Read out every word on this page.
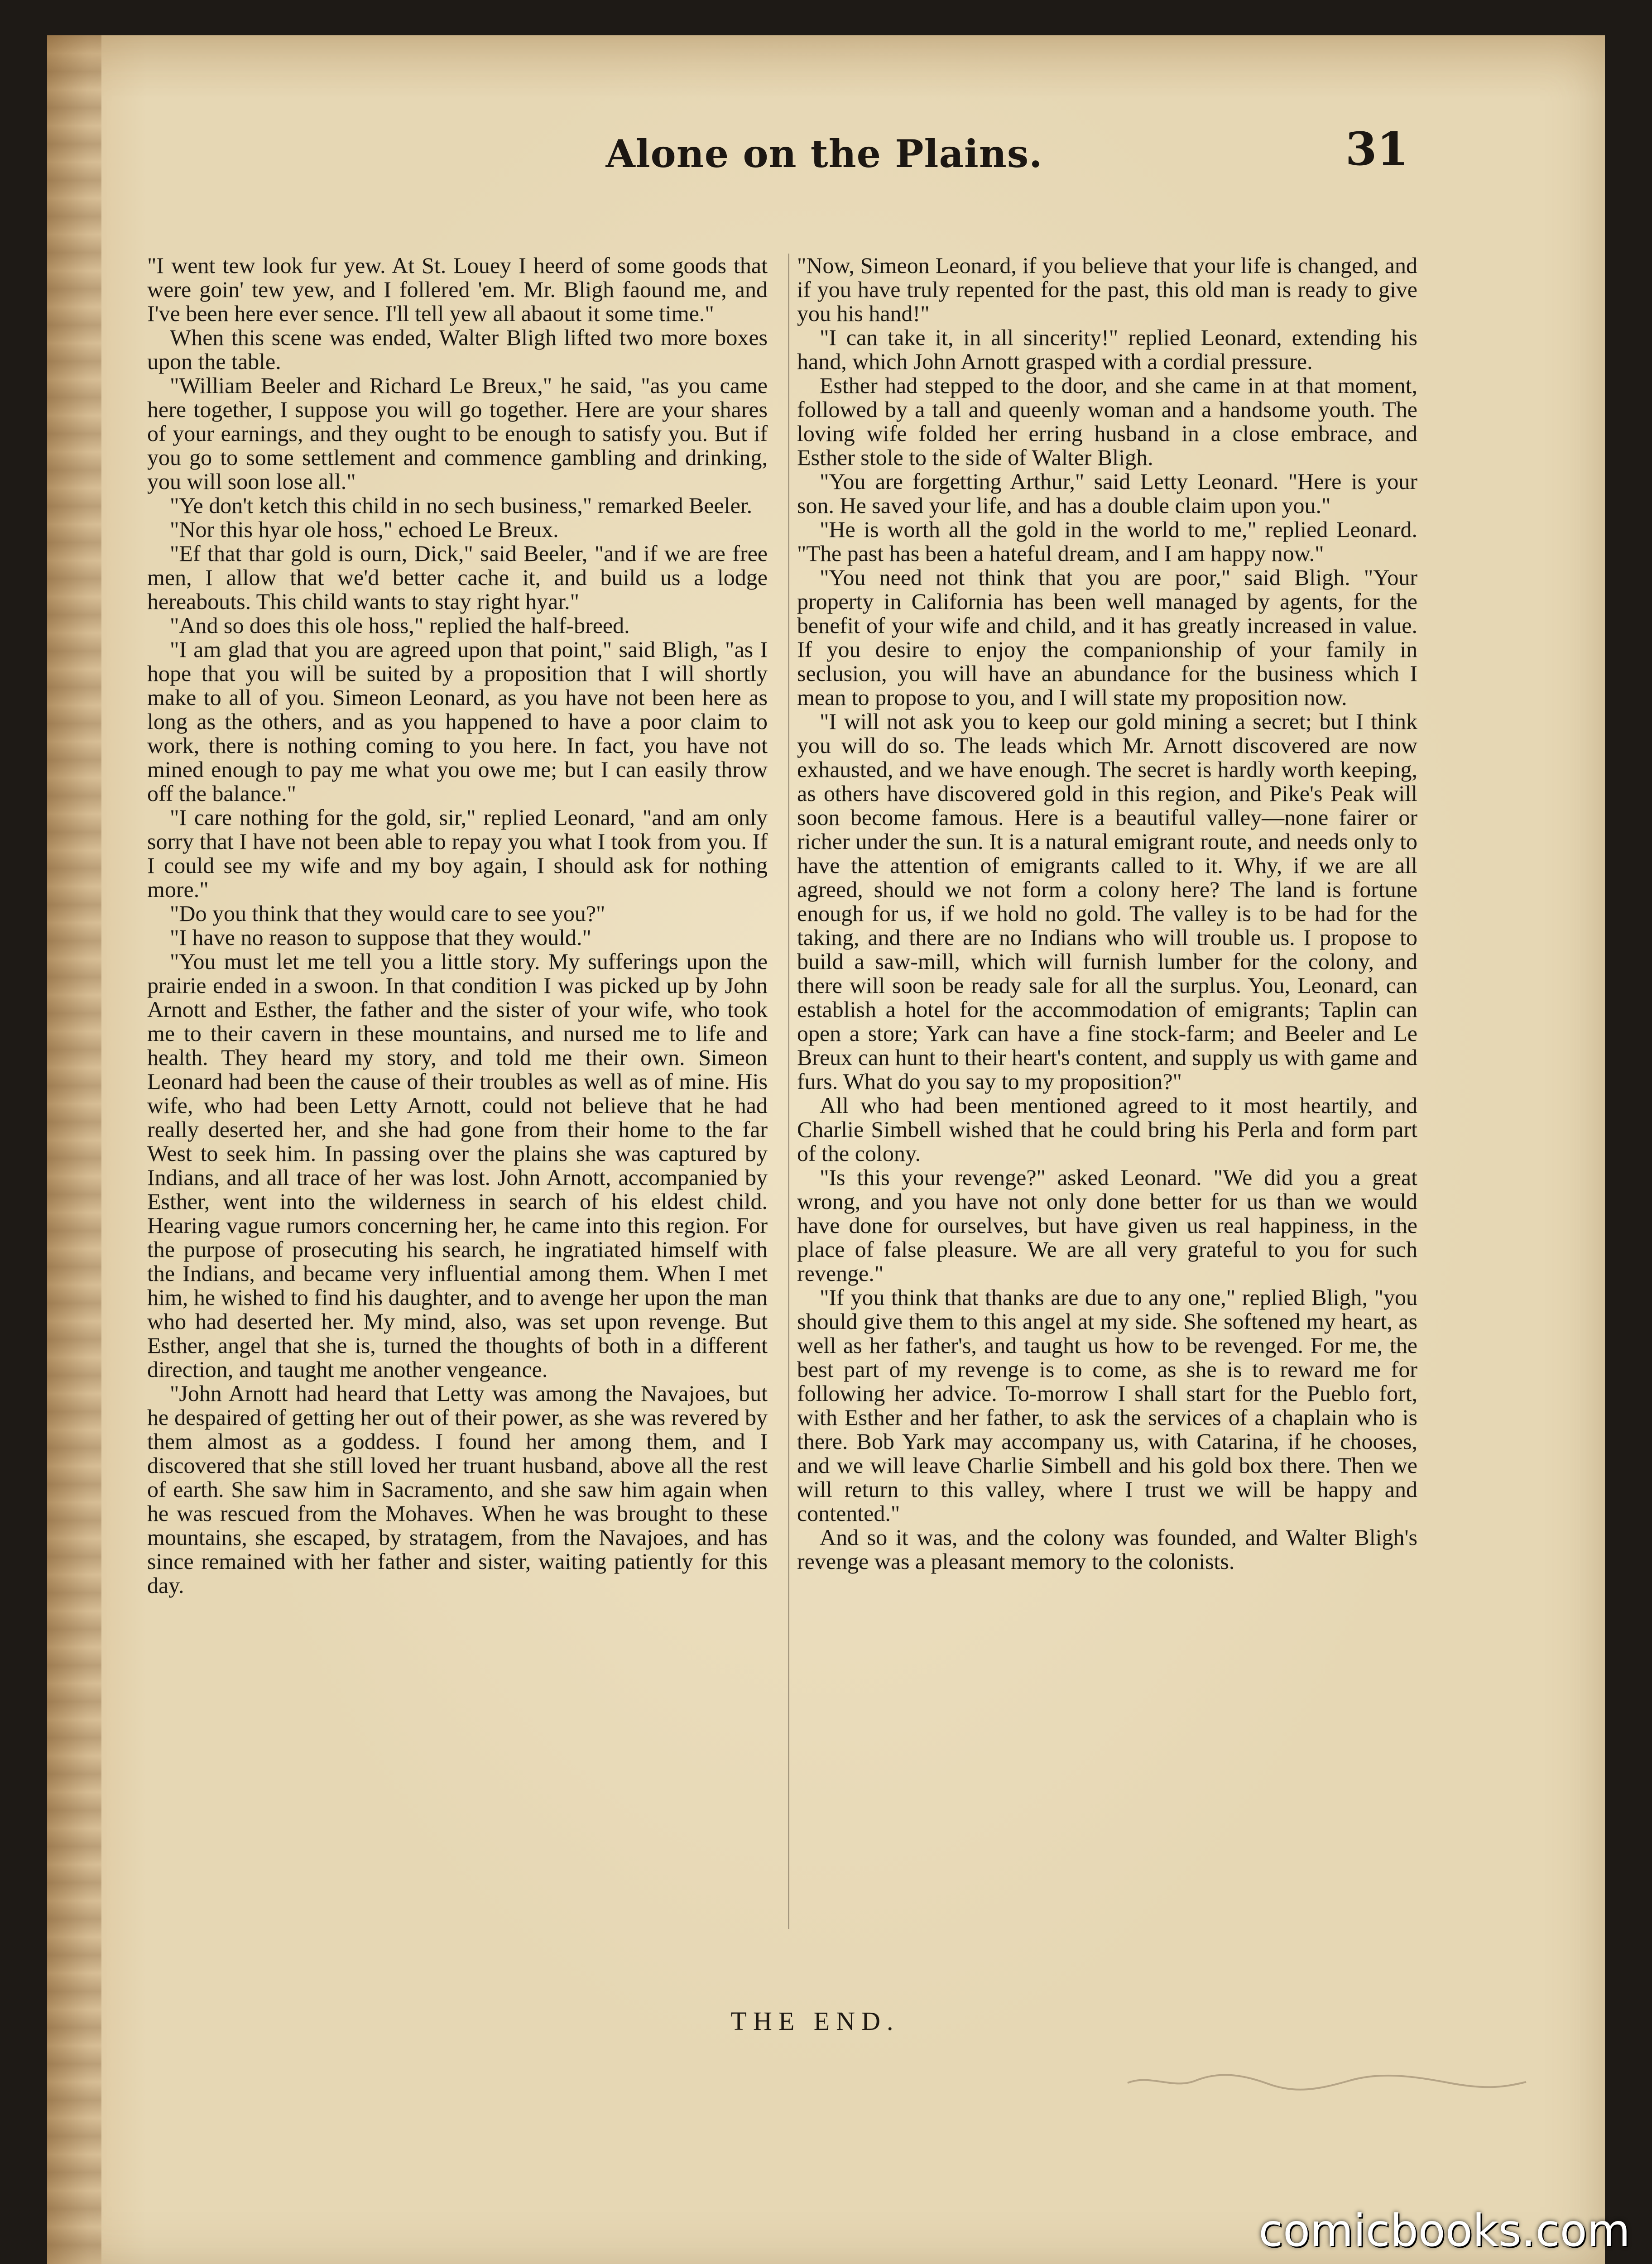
Alone on the Plains.	31

"I went tew look fur yew. At St. Louey I heerd of some goods that were goin' tew yew, and I follered 'em. Mr. Bligh faound me, and I've been here ever sence. I'll tell yew all abaout it some time."

When this scene was ended, Walter Bligh lifted two more boxes upon the table.

"William Beeler and Richard Le Breux," he said, "as you came here together, I suppose you will go together. Here are your shares of your earnings, and they ought to be enough to satisfy you. But if you go to some settlement and commence gambling and drinking, you will soon lose all."

"Ye don't ketch this child in no sech business," remarked Beeler.

"Nor this hyar ole hoss," echoed Le Breux.

"Ef that thar gold is ourn, Dick," said Beeler, "and if we are free men, I allow that we'd better cache it, and build us a lodge hereabouts. This child wants to stay right hyar."

"And so does this ole hoss," replied the half-breed.

"I am glad that you are agreed upon that point," said Bligh, "as I hope that you will be suited by a proposition that I will shortly make to all of you. Simeon Leonard, as you have not been here as long as the others, and as you happened to have a poor claim to work, there is nothing coming to you here. In fact, you have not mined enough to pay me what you owe me; but I can easily throw off the balance."

"I care nothing for the gold, sir," replied Leonard, "and am only sorry that I have not been able to repay you what I took from you. If I could see my wife and my boy again, I should ask for nothing more."

"Do you think that they would care to see you?"

"I have no reason to suppose that they would."

"You must let me tell you a little story. My sufferings upon the prairie ended in a swoon. In that condition I was picked up by John Arnott and Esther, the father and the sister of your wife, who took me to their cavern in these mountains, and nursed me to life and health. They heard my story, and told me their own. Simeon Leonard had been the cause of their troubles as well as of mine. His wife, who had been Letty Arnott, could not believe that he had really deserted her, and she had gone from their home to the far West to seek him. In passing over the plains she was captured by Indians, and all trace of her was lost. John Arnott, accompanied by Esther, went into the wilderness in search of his eldest child. Hearing vague rumors concerning her, he came into this region. For the purpose of prosecuting his search, he ingratiated himself with the Indians, and became very influential among them. When I met him, he wished to find his daughter, and to avenge her upon the man who had deserted her. My mind, also, was set upon revenge. But Esther, angel that she is, turned the thoughts of both in a different direction, and taught me another vengeance.

"John Arnott had heard that Letty was among the Navajoes, but he despaired of getting her out of their power, as she was revered by them almost as a goddess. I found her among them, and I discovered that she still loved her truant husband, above all the rest of earth. She saw him in Sacramento, and she saw him again when he was rescued from the Mohaves. When he was brought to these mountains, she escaped, by stratagem, from the Navajoes, and has since remained with her father and sister, waiting patiently for this day.

"Now, Simeon Leonard, if you believe that your life is changed, and if you have truly repented for the past, this old man is ready to give you his hand!"

"I can take it, in all sincerity!" replied Leonard, extending his hand, which John Arnott grasped with a cordial pressure.

Esther had stepped to the door, and she came in at that moment, followed by a tall and queenly woman and a handsome youth. The loving wife folded her erring husband in a close embrace, and Esther stole to the side of Walter Bligh.

"You are forgetting Arthur," said Letty Leonard. "Here is your son. He saved your life, and has a double claim upon you."

"He is worth all the gold in the world to me," replied Leonard. "The past has been a hateful dream, and I am happy now."

"You need not think that you are poor," said Bligh. "Your property in California has been well managed by agents, for the benefit of your wife and child, and it has greatly increased in value. If you desire to enjoy the companionship of your family in seclusion, you will have an abundance for the business which I mean to propose to you, and I will state my proposition now.

"I will not ask you to keep our gold mining a secret; but I think you will do so. The leads which Mr. Arnott discovered are now exhausted, and we have enough. The secret is hardly worth keeping, as others have discovered gold in this region, and Pike's Peak will soon become famous. Here is a beautiful valley—none fairer or richer under the sun. It is a natural emigrant route, and needs only to have the attention of emigrants called to it. Why, if we are all agreed, should we not form a colony here? The land is fortune enough for us, if we hold no gold. The valley is to be had for the taking, and there are no Indians who will trouble us. I propose to build a saw-mill, which will furnish lumber for the colony, and there will soon be ready sale for all the surplus. You, Leonard, can establish a hotel for the accommodation of emigrants; Taplin can open a store; Yark can have a fine stock-farm; and Beeler and Le Breux can hunt to their heart's content, and supply us with game and furs. What do you say to my proposition?"

All who had been mentioned agreed to it most heartily, and Charlie Simbell wished that he could bring his Perla and form part of the colony.

"Is this your revenge?" asked Leonard. "We did you a great wrong, and you have not only done better for us than we would have done for ourselves, but have given us real happiness, in the place of false pleasure. We are all very grateful to you for such revenge."

"If you think that thanks are due to any one," replied Bligh, "you should give them to this angel at my side. She softened my heart, as well as her father's, and taught us how to be revenged. For me, the best part of my revenge is to come, as she is to reward me for following her advice. To-morrow I shall start for the Pueblo fort, with Esther and her father, to ask the services of a chaplain who is there. Bob Yark may accompany us, with Catarina, if he chooses, and we will leave Charlie Simbell and his gold box there. Then we will return to this valley, where I trust we will be happy and contented."

And so it was, and the colony was founded, and Walter Bligh's revenge was a pleasant memory to the colonists.

THE END.
comicbooks.com
